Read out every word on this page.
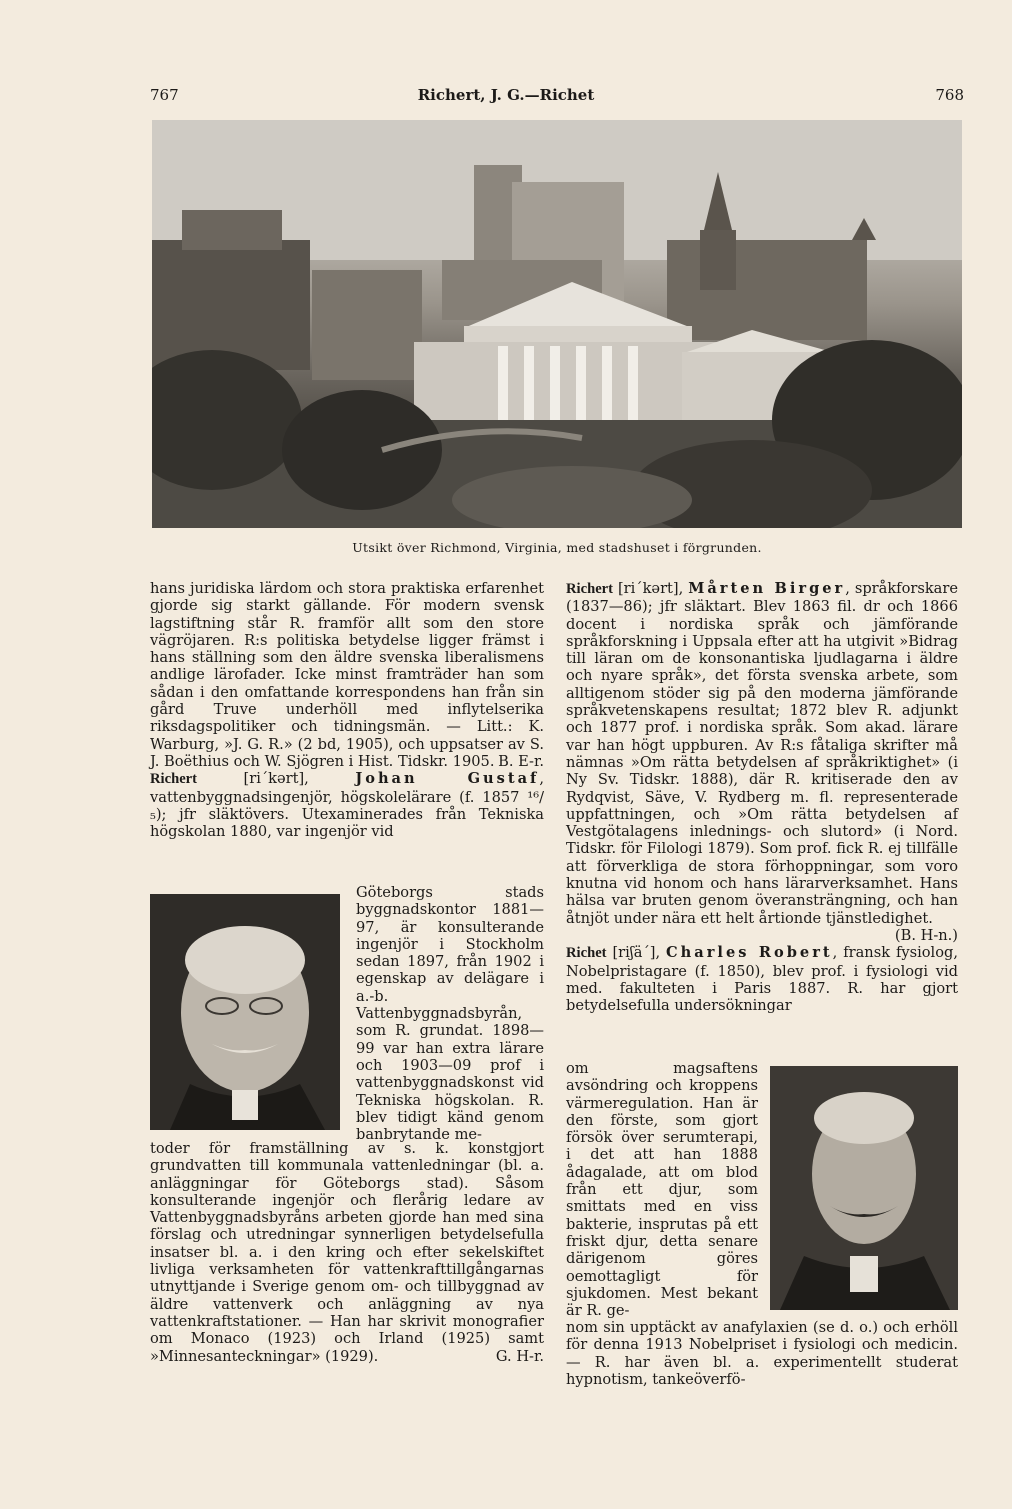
767	Richert, J. G.—Richet	768
Utsikt över Richmond, Virginia, med stadshuset i förgrunden.

hans juridiska lärdom och stora praktiska erfarenhet gjorde sig starkt gällande. För modern svensk lagstiftning står R. framför allt som den store vägröjaren. R:s politiska betydelse ligger främst i hans ställning som den äldre svenska liberalismens andlige lärofader. Icke minst framträder han som sådan i den omfattande korrespondens han från sin gård Truve underhöll med inflytelserika riksdagspolitiker och tidningsmän. — Litt.: K. Warburg, »J. G. R.» (2 bd, 1905), och uppsatser av S. J. Boëthius och W. Sjögren i Hist. Tidskr. 1905. B. E-r.

Richert [ri´kərt], Johan Gustaf, vattenbyggnadsingenjör, högskolelärare (f. 1857 ¹⁶/₅); jfr släktövers. Utexaminerades från Tekniska högskolan 1880, var ingenjör vid

Göteborgs stads byggnadskontor 1881—97, är konsulterande ingenjör i Stockholm sedan 1897, från 1902 i egenskap av delägare i a.-b. Vattenbyggnadsbyrån, som R. grundat. 1898—99 var han extra lärare och 1903—09 prof i vattenbyggnadskonst vid Tekniska högskolan. R. blev tidigt känd genom banbrytande me-

toder för framställning av s. k. konstgjort grundvatten till kommunala vattenledningar (bl. a. anläggningar för Göteborgs stad). Såsom konsulterande ingenjör och flerårig ledare av Vattenbyggnadsbyråns arbeten gjorde han med sina förslag och utredningar synnerligen betydelsefulla insatser bl. a. i den kring och efter sekelskiftet livliga verksamheten för vattenkrafttillgångarnas utnyttjande i Sverige genom om- och tillbyggnad av äldre vattenverk och anläggning av nya vattenkraftstationer. — Han har skrivit monografier om Monaco (1923) och Irland (1925) samt »Minnesanteckningar» (1929).	G. H-r.

Richert [ri´kərt], Mårten Birger, språkforskare (1837—86); jfr släktart. Blev 1863 fil. dr och 1866 docent i nordiska språk och jämförande språkforskning i Uppsala efter att ha utgivit »Bidrag till läran om de konsonantiska ljudlagarna i äldre och nyare språk», det första svenska arbete, som alltigenom stöder sig på den moderna jämförande språkvetenskapens resultat; 1872 blev R. adjunkt och 1877 prof. i nordiska språk. Som akad. lärare var han högt uppburen. Av R:s fåtaliga skrifter må nämnas »Om rätta betydelsen af språkriktighet» (i Ny Sv. Tidskr. 1888), där R. kritiserade den av Rydqvist, Säve, V. Rydberg m. fl. representerade uppfattningen, och »Om rätta betydelsen af Vestgötalagens inlednings- och slutord» (i Nord. Tidskr. för Filologi 1879). Som prof. fick R. ej tillfälle att förverkliga de stora förhoppningar, som voro knutna vid honom och hans lärarverksamhet. Hans hälsa var bruten genom överansträngning, och han åtnjöt under nära ett helt årtionde tjänstledighet.
(B. H-n.)

Richet [riʃä´], Charles Robert, fransk fysiolog, Nobelpristagare (f. 1850), blev prof. i fysiologi vid med. fakulteten i Paris 1887. R. har gjort betydelsefulla undersökningar

om magsaftens avsöndring och kroppens värmeregulation. Han är den förste, som gjort försök över serumterapi, i det att han 1888 ådagalade, att om blod från ett djur, som smittats med en viss bakterie, insprutas på ett friskt djur, detta senare därigenom göres oemottagligt för sjukdomen. Mest bekant är R. ge-

nom sin upptäckt av anafylaxien (se d. o.) och erhöll för denna 1913 Nobelpriset i fysiologi och medicin. — R. har även bl. a. experimentellt studerat hypnotism, tankeöverfö-
